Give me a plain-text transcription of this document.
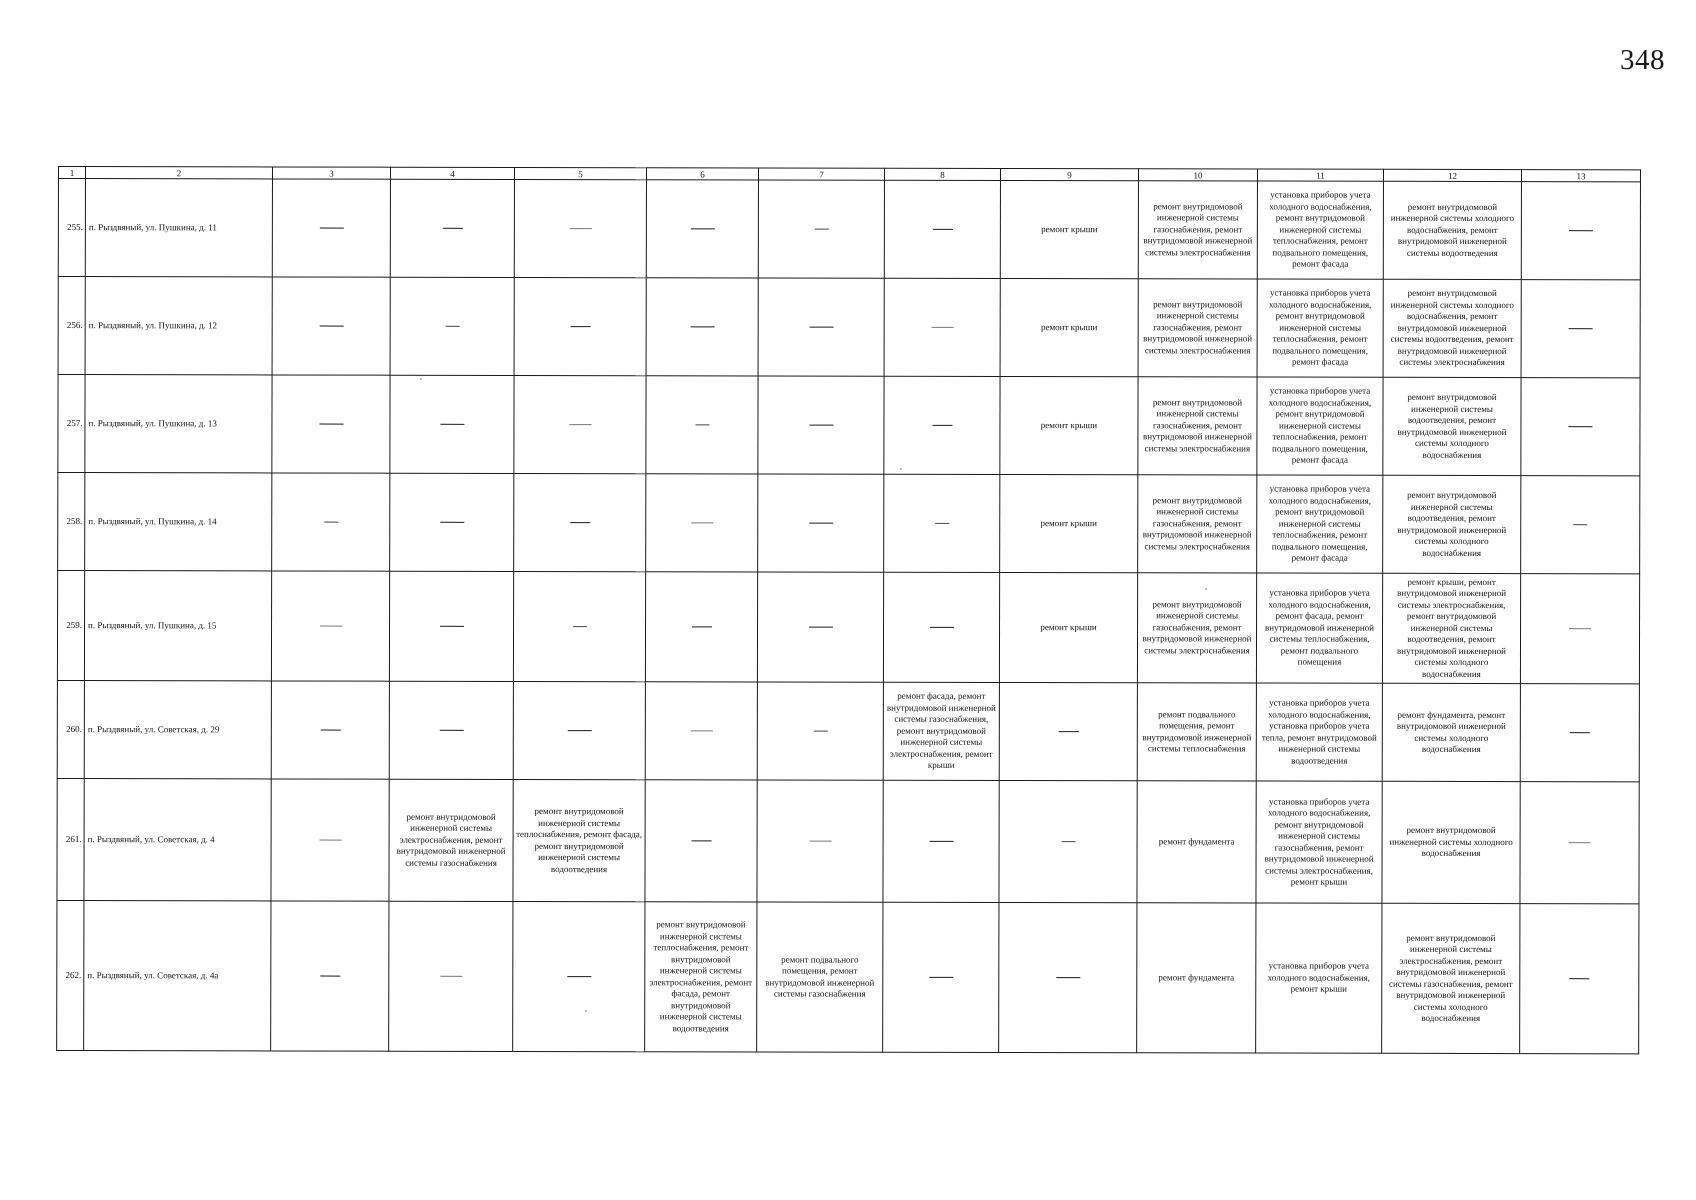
348
1	2	3	4	5	6	7	8	9	10	11	12	13
255.	п. Рыздвяный, ул. Пушкина, д. 11							ремонт крыши	ремонт внутридомовой инженерной системы газоснабжения, ремонт внутридомовой инженерной системы электроснабжения	установка приборов учета холодного водоснабжения, ремонт внутридомовой инженерной системы теплоснабжения, ремонт подвального помещения, ремонт фасада	ремонт внутридомовой инженерной системы холодного водоснабжения, ремонт внутридомовой инженерной системы водоотведения	
256.	п. Рыздвяный, ул. Пушкина, д. 12							ремонт крыши	ремонт внутридомовой инженерной системы газоснабжения, ремонт внутридомовой инженерной системы электроснабжения	установка приборов учета холодного водоснабжения, ремонт внутридомовой инженерной системы теплоснабжения, ремонт подвального помещения, ремонт фасада	ремонт внутридомовой инженерной системы холодного водоснабжения, ремонт внутридомовой инженерной системы водоотведения, ремонт внутридомовой инженерной системы электроснабжения	
257.	п. Рыздвяный, ул. Пушкина, д. 13							ремонт крыши	ремонт внутридомовой инженерной системы газоснабжения, ремонт внутридомовой инженерной системы электроснабжения	установка приборов учета холодного водоснабжения, ремонт внутридомовой инженерной системы теплоснабжения, ремонт подвального помещения, ремонт фасада	ремонт внутридомовой инженерной системы водоотведения, ремонт внутридомовой инженерной системы холодного водоснабжения	
258.	п. Рыздвяный, ул. Пушкина, д. 14							ремонт крыши	ремонт внутридомовой инженерной системы газоснабжения, ремонт внутридомовой инженерной системы электроснабжения	установка приборов учета холодного водоснабжения, ремонт внутридомовой инженерной системы теплоснабжения, ремонт подвального помещения, ремонт фасада	ремонт внутридомовой инженерной системы водоотведения, ремонт внутридомовой инженерной системы холодного водоснабжения	
259.	п. Рыздвяный, ул. Пушкина, д. 15							ремонт крыши	ремонт внутридомовой инженерной системы газоснабжения, ремонт внутридомовой инженерной системы электроснабжения	установка приборов учета холодного водоснабжения, ремонт фасада, ремонт внутридомовой инженерной системы теплоснабжения, ремонт подвального помещения	ремонт крыши, ремонт внутридомовой инженерной системы электроснабжения, ремонт внутридомовой инженерной системы водоотведения, ремонт внутридомовой инженерной системы холодного водоснабжения	
260.	п. Рыздвяный, ул. Советская, д. 29						ремонт фасада, ремонт внутридомовой инженерной системы газоснабжения, ремонт внутридомовой инженерной системы электроснабжения, ремонт крыши		ремонт подвального помещения, ремонт внутридомовой инженерной системы теплоснабжения	установка приборов учета холодного водоснабжения, установка приборов учета тепла, ремонт внутридомовой инженерной системы водоотведения	ремонт фундамента, ремонт внутридомовой инженерной системы холодного водоснабжения	
261.	п. Рыздвяный, ул. Советская, д. 4		ремонт внутридомовой инженерной системы электроснабжения, ремонт внутридомовой инженерной системы газоснабжения	ремонт внутридомовой инженерной системы теплоснабжения, ремонт фасада, ремонт внутридомовой инженерной системы водоотведения					ремонт фундамента	установка приборов учета холодного водоснабжения, ремонт внутридомовой инженерной системы газоснабжения, ремонт внутридомовой инженерной системы электроснабжения, ремонт крыши	ремонт внутридомовой инженерной системы холодного водоснабжения	
262.	п. Рыздвяный, ул. Советская, д. 4а				ремонт внутридомовой инженерной системы теплоснабжения, ремонт внутридомовой инженерной системы электроснабжения, ремонт фасада, ремонт внутридомовой инженерной системы водоотведения	ремонт подвального помещения, ремонт внутридомовой инженерной системы газоснабжения			ремонт фундамента	установка приборов учета холодного водоснабжения, ремонт крыши	ремонт внутридомовой инженерной системы электроснабжения, ремонт внутридомовой инженерной системы газоснабжения, ремонт внутридомовой инженерной системы холодного водоснабжения	
